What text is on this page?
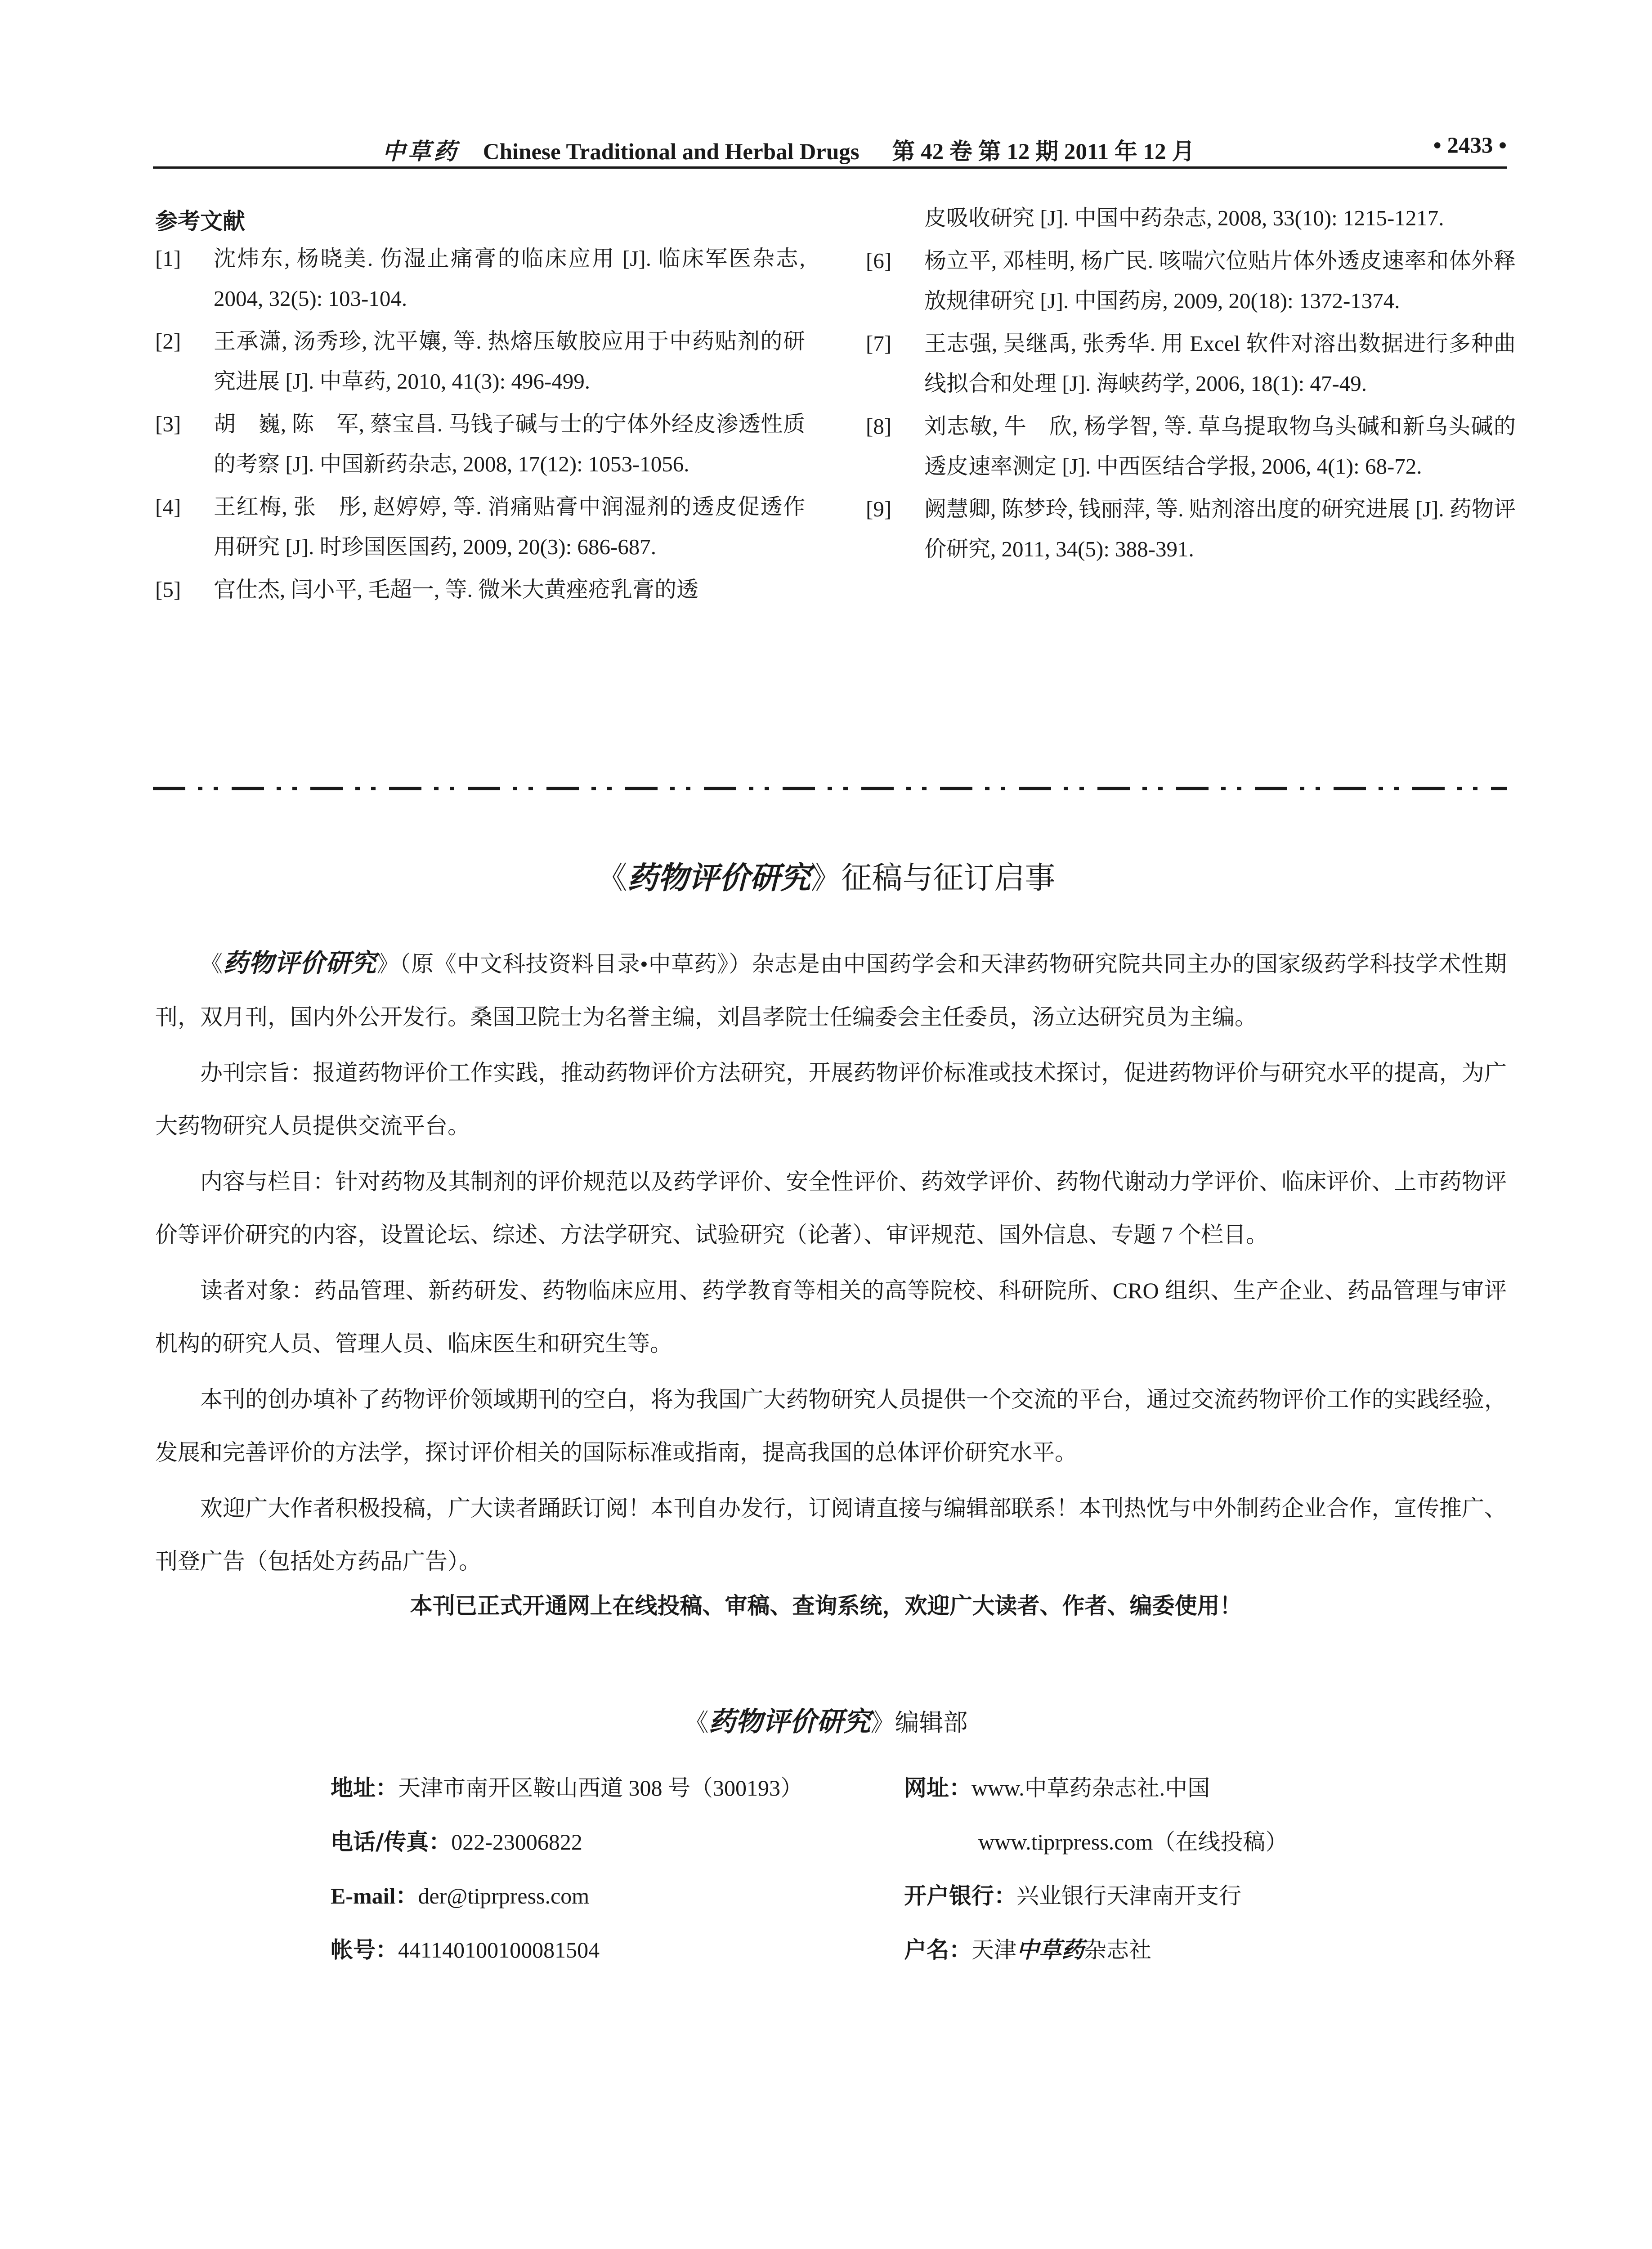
中草药 Chinese Traditional and Herbal Drugs 第 42 卷 第 12 期 2011 年 12 月	• 2433 •
参考文献
[1] 沈炜东, 杨晓美. 伤湿止痛膏的临床应用 [J]. 临床军医杂志, 2004, 32(5): 103-104.
[2] 王承潇, 汤秀珍, 沈平孃, 等. 热熔压敏胶应用于中药贴剂的研究进展 [J]. 中草药, 2010, 41(3): 496-499.
[3] 胡　巍, 陈　军, 蔡宝昌. 马钱子碱与士的宁体外经皮渗透性质的考察 [J]. 中国新药杂志, 2008, 17(12): 1053-1056.
[4] 王红梅, 张　彤, 赵婷婷, 等. 消痛贴膏中润湿剂的透皮促透作用研究 [J]. 时珍国医国药, 2009, 20(3): 686-687.
[5] 官仕杰, 闫小平, 毛超一, 等. 微米大黄痤疮乳膏的透
皮吸收研究 [J]. 中国中药杂志, 2008, 33(10): 1215-1217.
[6] 杨立平, 邓桂明, 杨广民. 咳喘穴位贴片体外透皮速率和体外释放规律研究 [J]. 中国药房, 2009, 20(18): 1372-1374.
[7] 王志强, 吴继禹, 张秀华. 用 Excel 软件对溶出数据进行多种曲线拟合和处理 [J]. 海峡药学, 2006, 18(1): 47-49.
[8] 刘志敏, 牛　欣, 杨学智, 等. 草乌提取物乌头碱和新乌头碱的透皮速率测定 [J]. 中西医结合学报, 2006, 4(1): 68-72.
[9] 阙慧卿, 陈梦玲, 钱丽萍, 等. 贴剂溶出度的研究进展 [J]. 药物评价研究, 2011, 34(5): 388-391.
《药物评价研究》征稿与征订启事

《药物评价研究》（原《中文科技资料目录•中草药》）杂志是由中国药学会和天津药物研究院共同主办的国家级药学科技学术性期刊，双月刊，国内外公开发行。桑国卫院士为名誉主编，刘昌孝院士任编委会主任委员，汤立达研究员为主编。

办刊宗旨：报道药物评价工作实践，推动药物评价方法研究，开展药物评价标准或技术探讨，促进药物评价与研究水平的提高，为广大药物研究人员提供交流平台。

内容与栏目：针对药物及其制剂的评价规范以及药学评价、安全性评价、药效学评价、药物代谢动力学评价、临床评价、上市药物评价等评价研究的内容，设置论坛、综述、方法学研究、试验研究（论著）、审评规范、国外信息、专题 7 个栏目。

读者对象：药品管理、新药研发、药物临床应用、药学教育等相关的高等院校、科研院所、CRO 组织、生产企业、药品管理与审评机构的研究人员、管理人员、临床医生和研究生等。

本刊的创办填补了药物评价领域期刊的空白，将为我国广大药物研究人员提供一个交流的平台，通过交流药物评价工作的实践经验，发展和完善评价的方法学，探讨评价相关的国际标准或指南，提高我国的总体评价研究水平。

欢迎广大作者积极投稿，广大读者踊跃订阅！本刊自办发行，订阅请直接与编辑部联系！本刊热忱与中外制药企业合作，宣传推广、刊登广告（包括处方药品广告）。

本刊已正式开通网上在线投稿、审稿、查询系统，欢迎广大读者、作者、编委使用！
《药物评价研究》编辑部
地址：天津市南开区鞍山西道 308 号（300193）	网址：www.中草药杂志社.中国
电话/传真：022-23006822	www.tiprpress.com（在线投稿）
E-mail：der@tiprpress.com	开户银行：兴业银行天津南开支行
帐号：441140100100081504	户名：天津中草药杂志社
